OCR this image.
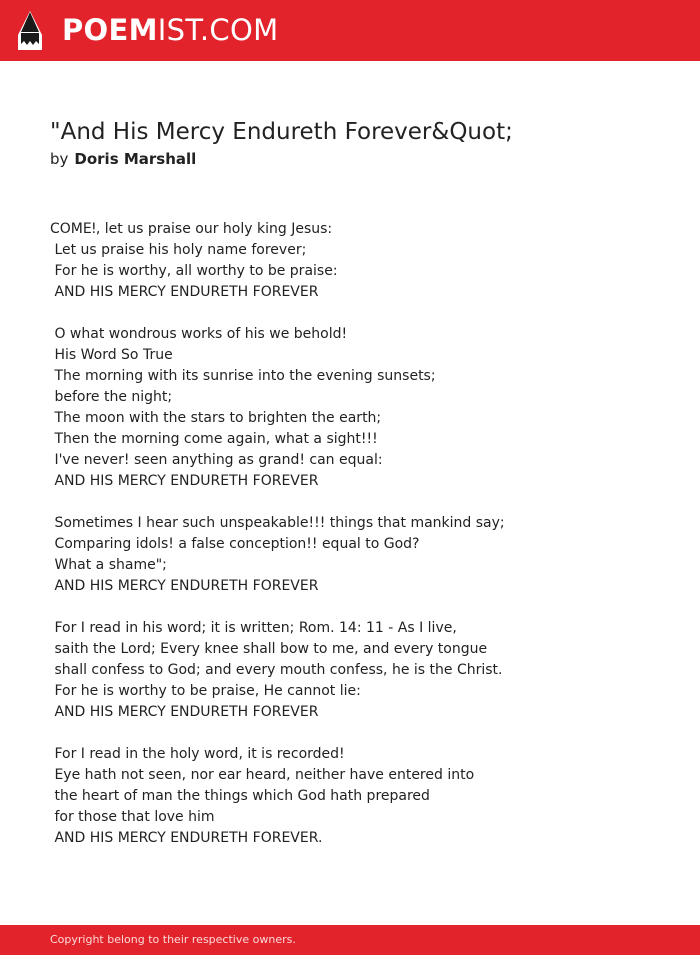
POEMIST.COM
"And His Mercy Endureth Forever&Quot;
by Doris Marshall
COMEǃ, let us praise our holy king Jesus:
Let us praise his holy name forever;
For he is worthy, all worthy to be praise:
AND HIS MERCY ENDURETH FOREVER
O what wondrous works of his we behold!
His Word So True
The morning with its sunrise into the evening sunsets;
before the night;
The moon with the stars to brighten the earth;
Then the morning come again, what a sight!!!
I've never! seen anything as grand! can equal:
AND HIS MERCY ENDURETH FOREVER
Sometimes I hear such unspeakable!!! things that mankind say;
Comparing idols! a false conception!! equal to God?
What a shame";
AND HIS MERCY ENDURETH FOREVER
For I read in his word; it is written; Rom. 14: 11 - As I live,
saith the Lord; Every knee shall bow to me, and every tongue
shall confess to God; and every mouth confess, he is the Christ.
For he is worthy to be praise, He cannot lie:
AND HIS MERCY ENDURETH FOREVER
For I read in the holy word, it is recorded!
Eye hath not seen, nor ear heard, neither have entered into
the heart of man the things which God hath prepared
for those that love him
AND HIS MERCY ENDURETH FOREVER.
Copyright belong to their respective owners.
